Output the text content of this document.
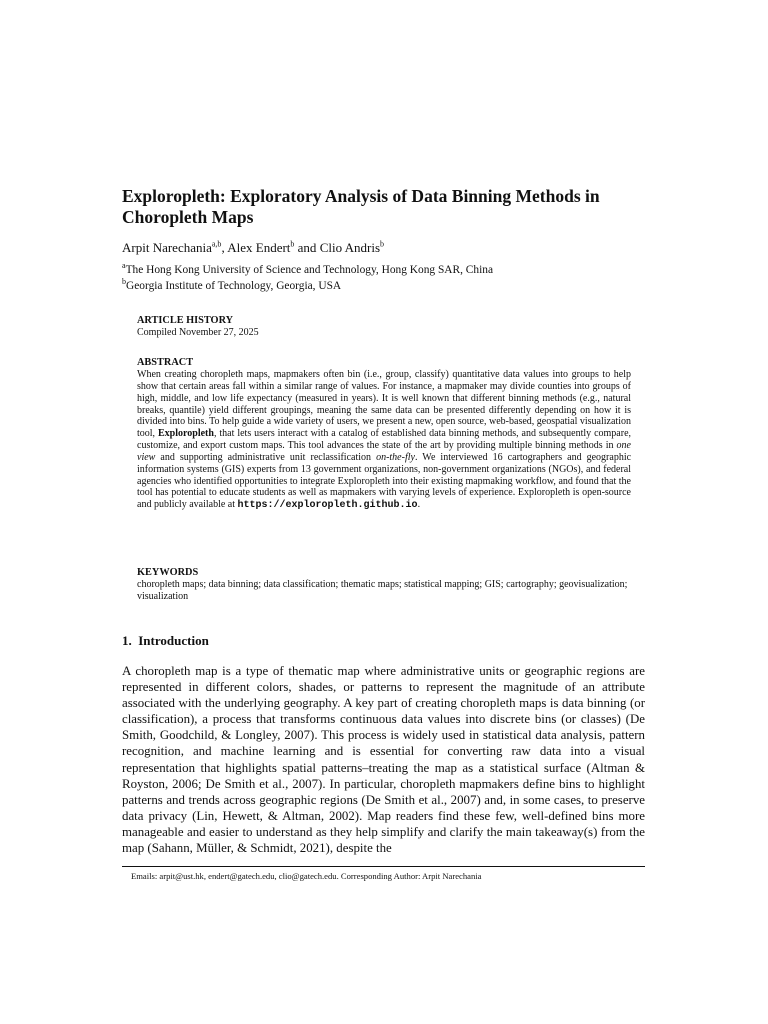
Exploropleth: Exploratory Analysis of Data Binning Methods in Choropleth Maps
Arpit Narechania$^{a,b}$, Alex Endert$^b$ and Clio Andris$^b$
$^a$The Hong Kong University of Science and Technology, Hong Kong SAR, China
$^b$Georgia Institute of Technology, Georgia, USA
ARTICLE HISTORY
Compiled November 27, 2025
ABSTRACT
When creating choropleth maps, mapmakers often bin (i.e., group, classify) quantitative data values into groups to help show that certain areas fall within a similar range of values. For instance, a mapmaker may divide counties into groups of high, middle, and low life expectancy (measured in years). It is well known that different binning methods (e.g., natural breaks, quantile) yield different groupings, meaning the same data can be presented differently depending on how it is divided into bins. To help guide a wide variety of users, we present a new, open source, web-based, geospatial visualization tool, Exploropleth, that lets users interact with a catalog of established data binning methods, and subsequently compare, customize, and export custom maps. This tool advances the state of the art by providing multiple binning methods in one view and supporting administrative unit reclassification on-the-fly. We interviewed 16 cartographers and geographic information systems (GIS) experts from 13 government organizations, non-government organizations (NGOs), and federal agencies who identified opportunities to integrate Exploropleth into their existing mapmaking workflow, and found that the tool has potential to educate students as well as mapmakers with varying levels of experience. Exploropleth is open-source and publicly available at https://exploropleth.github.io.
KEYWORDS
choropleth maps; data binning; data classification; thematic maps; statistical mapping; GIS; cartography; geovisualization; visualization
1. Introduction

A choropleth map is a type of thematic map where administrative units or geographic regions are represented in different colors, shades, or patterns to represent the magnitude of an attribute associated with the underlying geography. A key part of creating choropleth maps is data binning (or classification), a process that transforms continuous data values into discrete bins (or classes) (De Smith, Goodchild, & Longley, 2007). This process is widely used in statistical data analysis, pattern recognition, and machine learning and is essential for converting raw data into a visual representation that highlights spatial patterns–treating the map as a statistical surface (Altman & Royston, 2006; De Smith et al., 2007). In particular, choropleth mapmakers define bins to highlight patterns and trends across geographic regions (De Smith et al., 2007) and, in some cases, to preserve data privacy (Lin, Hewett, & Altman, 2002). Map readers find these few, well-defined bins more manageable and easier to understand as they help simplify and clarify the main takeaway(s) from the map (Sahann, Müller, & Schmidt, 2021), despite the

Emails: arpit@ust.hk, endert@gatech.edu, clio@gatech.edu. Corresponding Author: Arpit Narechania
